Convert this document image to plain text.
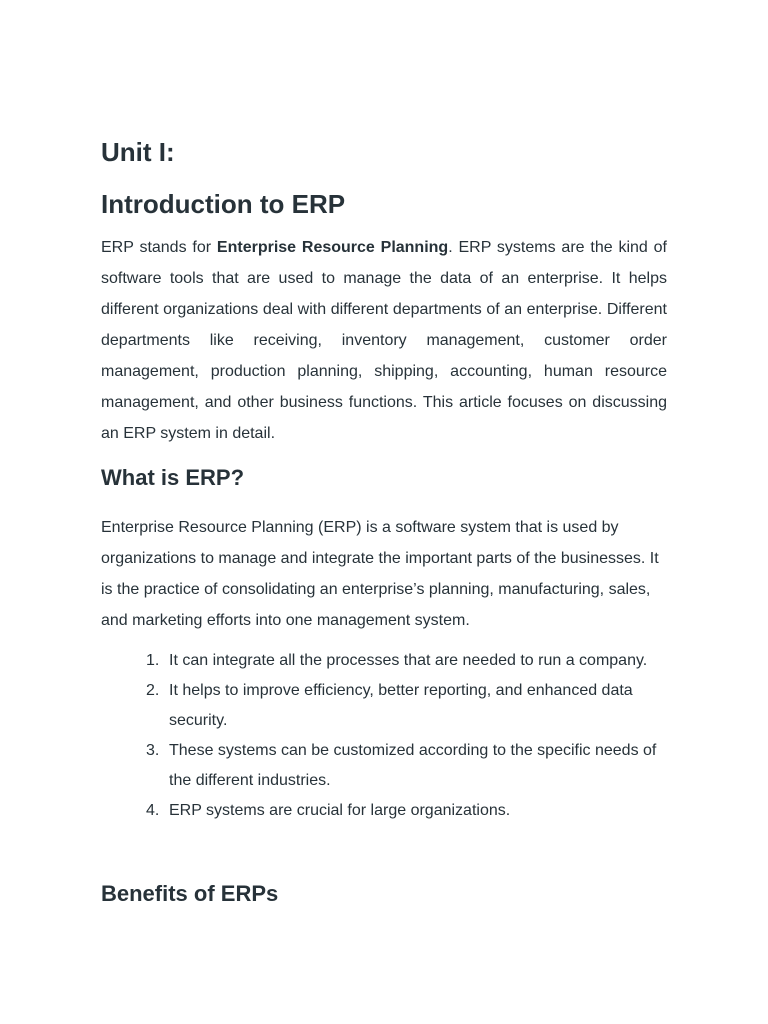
Unit I:
Introduction to ERP

ERP stands for Enterprise Resource Planning. ERP systems are the kind of software tools that are used to manage the data of an enterprise. It helps different organizations deal with different departments of an enterprise. Different departments like receiving, inventory management, customer order management, production planning, shipping, accounting, human resource management, and other business functions. This article focuses on discussing an ERP system in detail.

What is ERP?

Enterprise Resource Planning (ERP) is a software system that is used by organizations to manage and integrate the important parts of the businesses. It is the practice of consolidating an enterprise’s planning, manufacturing, sales, and marketing efforts into one management system.

1. It can integrate all the processes that are needed to run a company.
2. It helps to improve efficiency, better reporting, and enhanced data security.
3. These systems can be customized according to the specific needs of the different industries.
4. ERP systems are crucial for large organizations.
Benefits of ERPs
